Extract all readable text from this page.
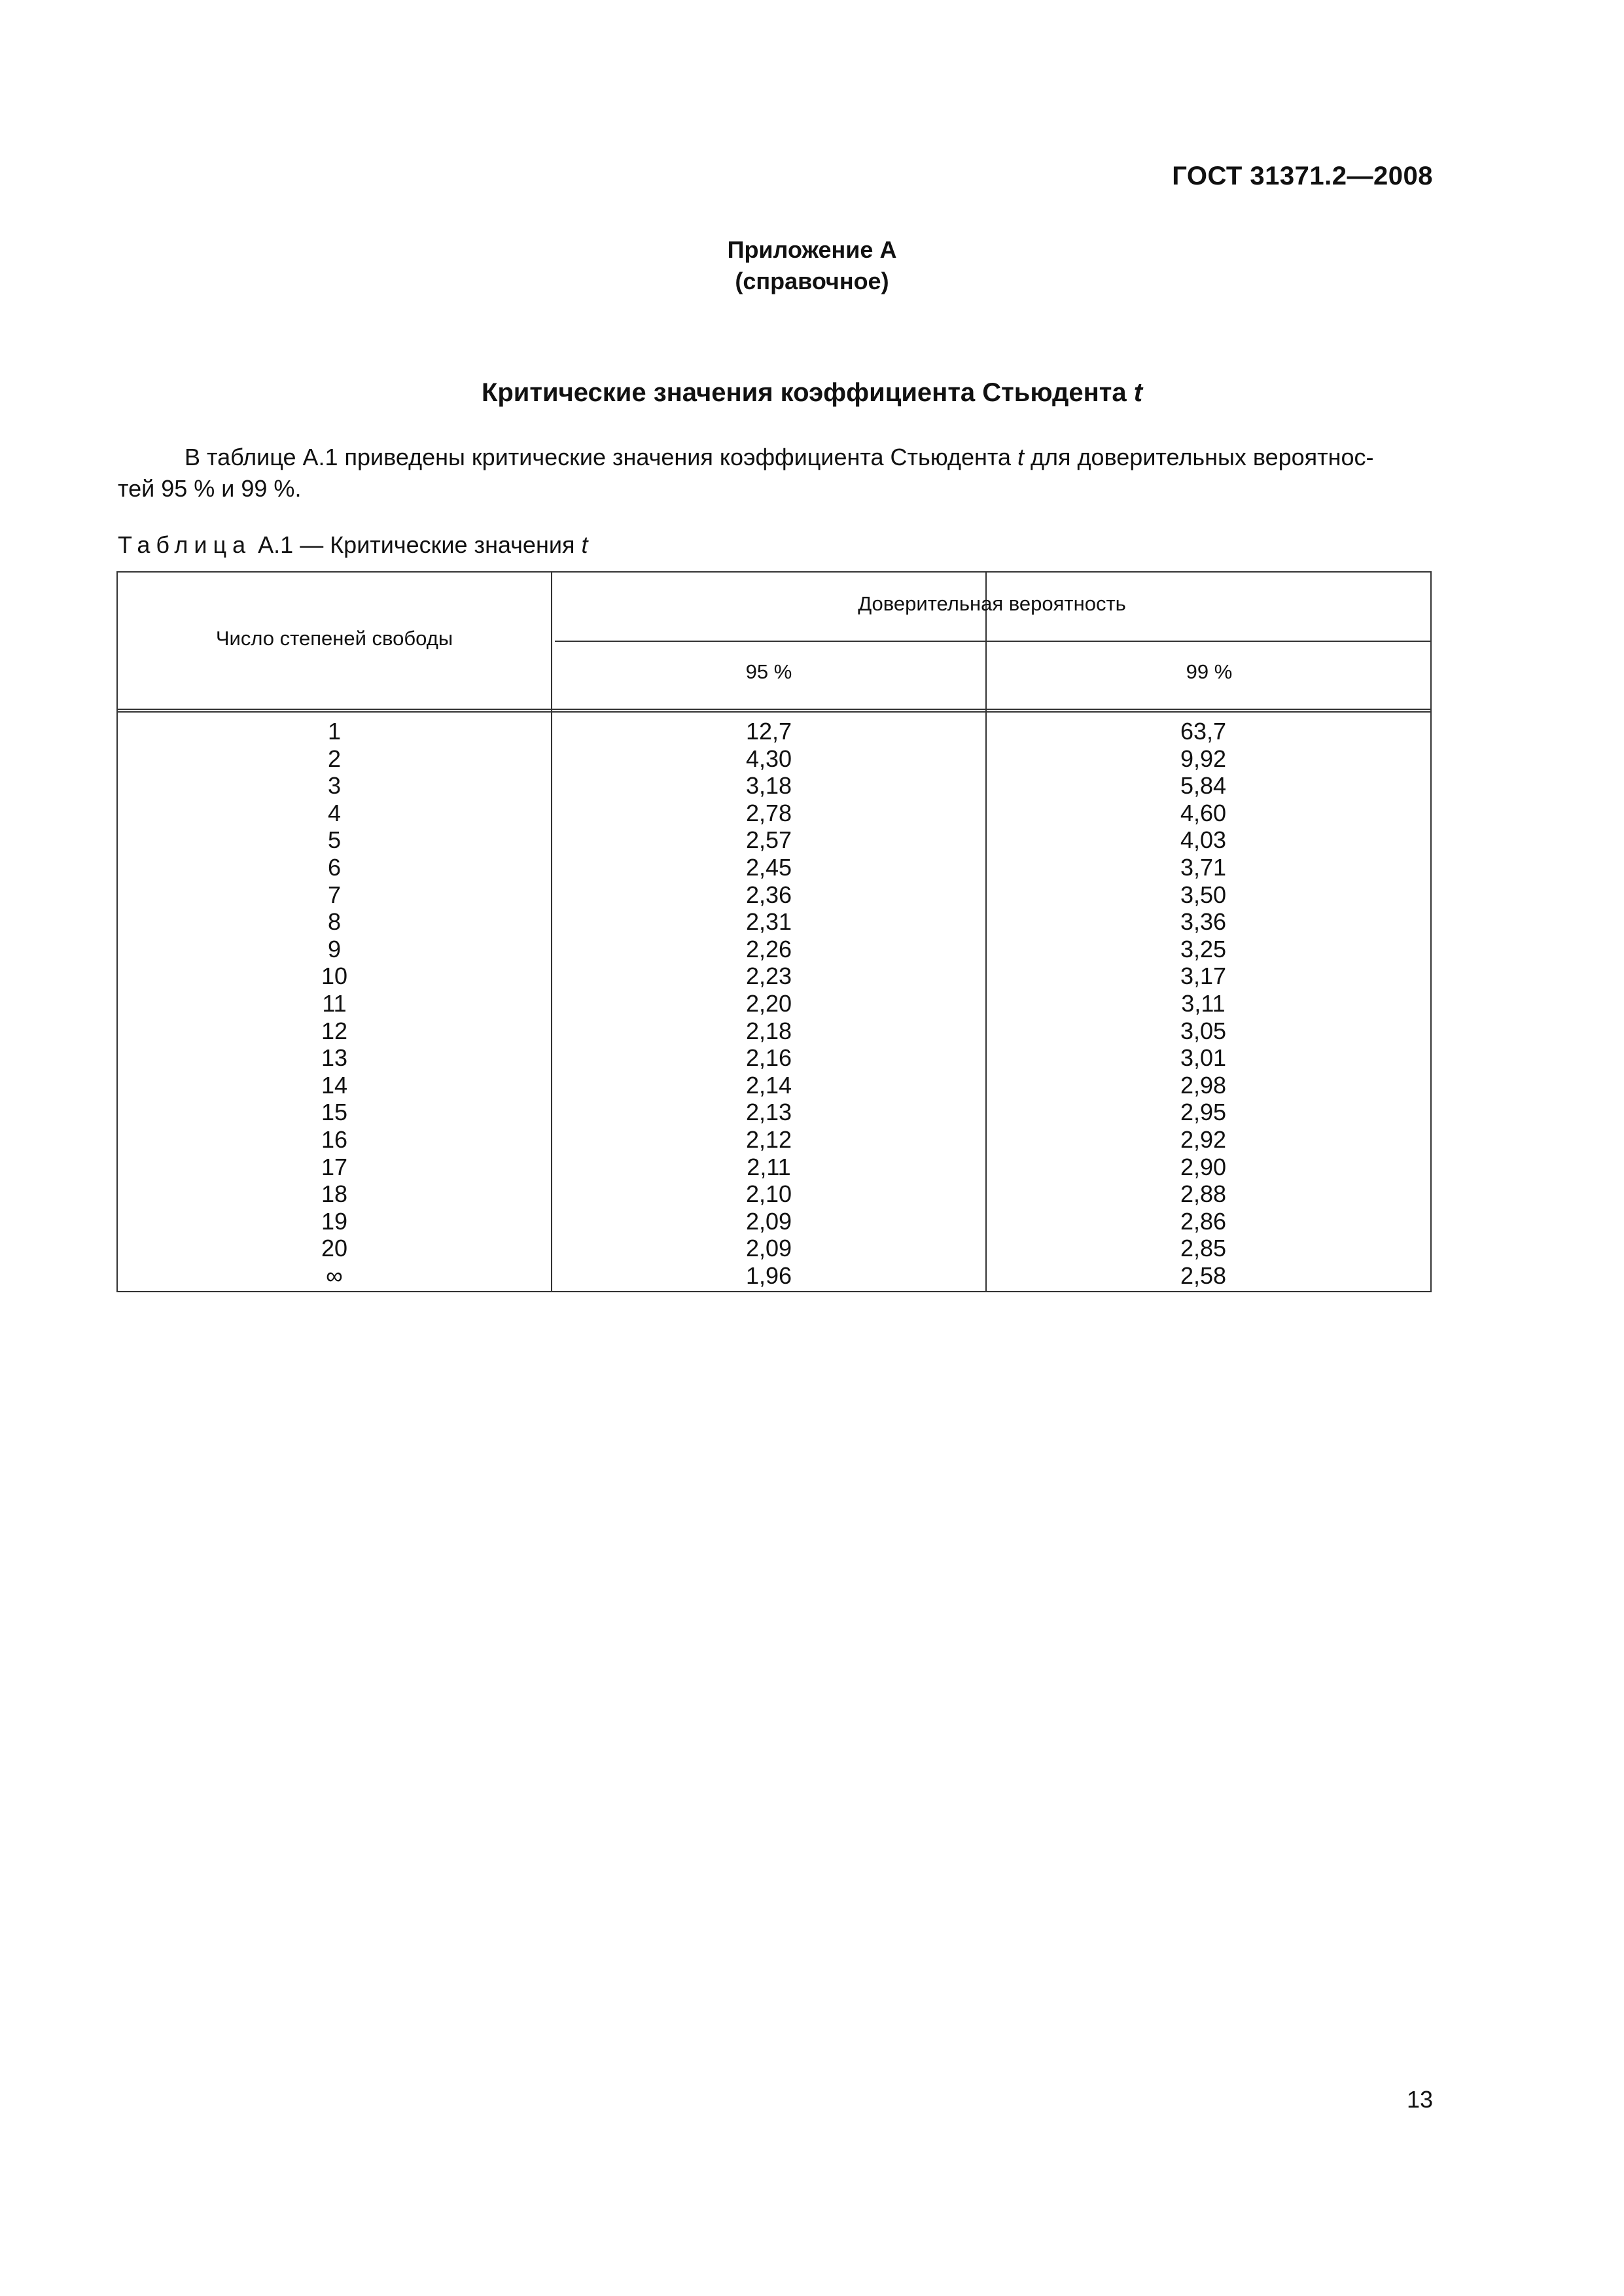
ГОСТ 31371.2—2008
Приложение А
(справочное)
Критические значения коэффициента Стьюдента t

В таблице А.1 приведены критические значения коэффициента Стьюдента t для доверительных вероятнос-

тей 95 % и 99 %.

Таблица А.1 — Критические значения t
Число степеней свободы
Доверительная вероятность
95 %	99 %
1
2
3
4
5
6
7
8
9
10
11
12
13
14
15
16
17
18
19
20
∞
12,7
4,30
3,18
2,78
2,57
2,45
2,36
2,31
2,26
2,23
2,20
2,18
2,16
2,14
2,13
2,12
2,11
2,10
2,09
2,09
1,96
63,7
9,92
5,84
4,60
4,03
3,71
3,50
3,36
3,25
3,17
3,11
3,05
3,01
2,98
2,95
2,92
2,90
2,88
2,86
2,85
2,58
13
